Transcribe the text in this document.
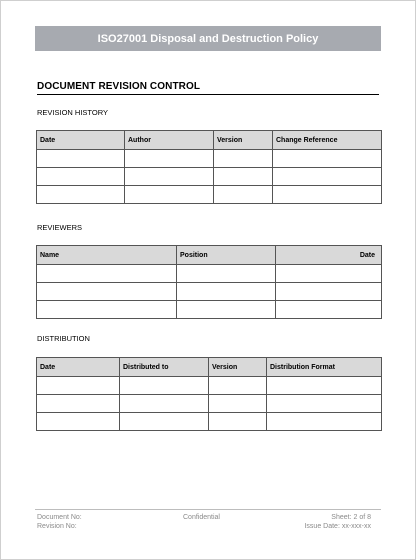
ISO27001 Disposal and Destruction Policy
DOCUMENT REVISION CONTROL
REVISION HISTORY
Date	Author	Version	Change Reference

REVIEWERS
Name	Position	Date

DISTRIBUTION
Date	Distributed to	Version	Distribution Format

Document No:
Revision No:
Confidential	Sheet: 2 of 8
Issue Date: xx-xxx-xx
